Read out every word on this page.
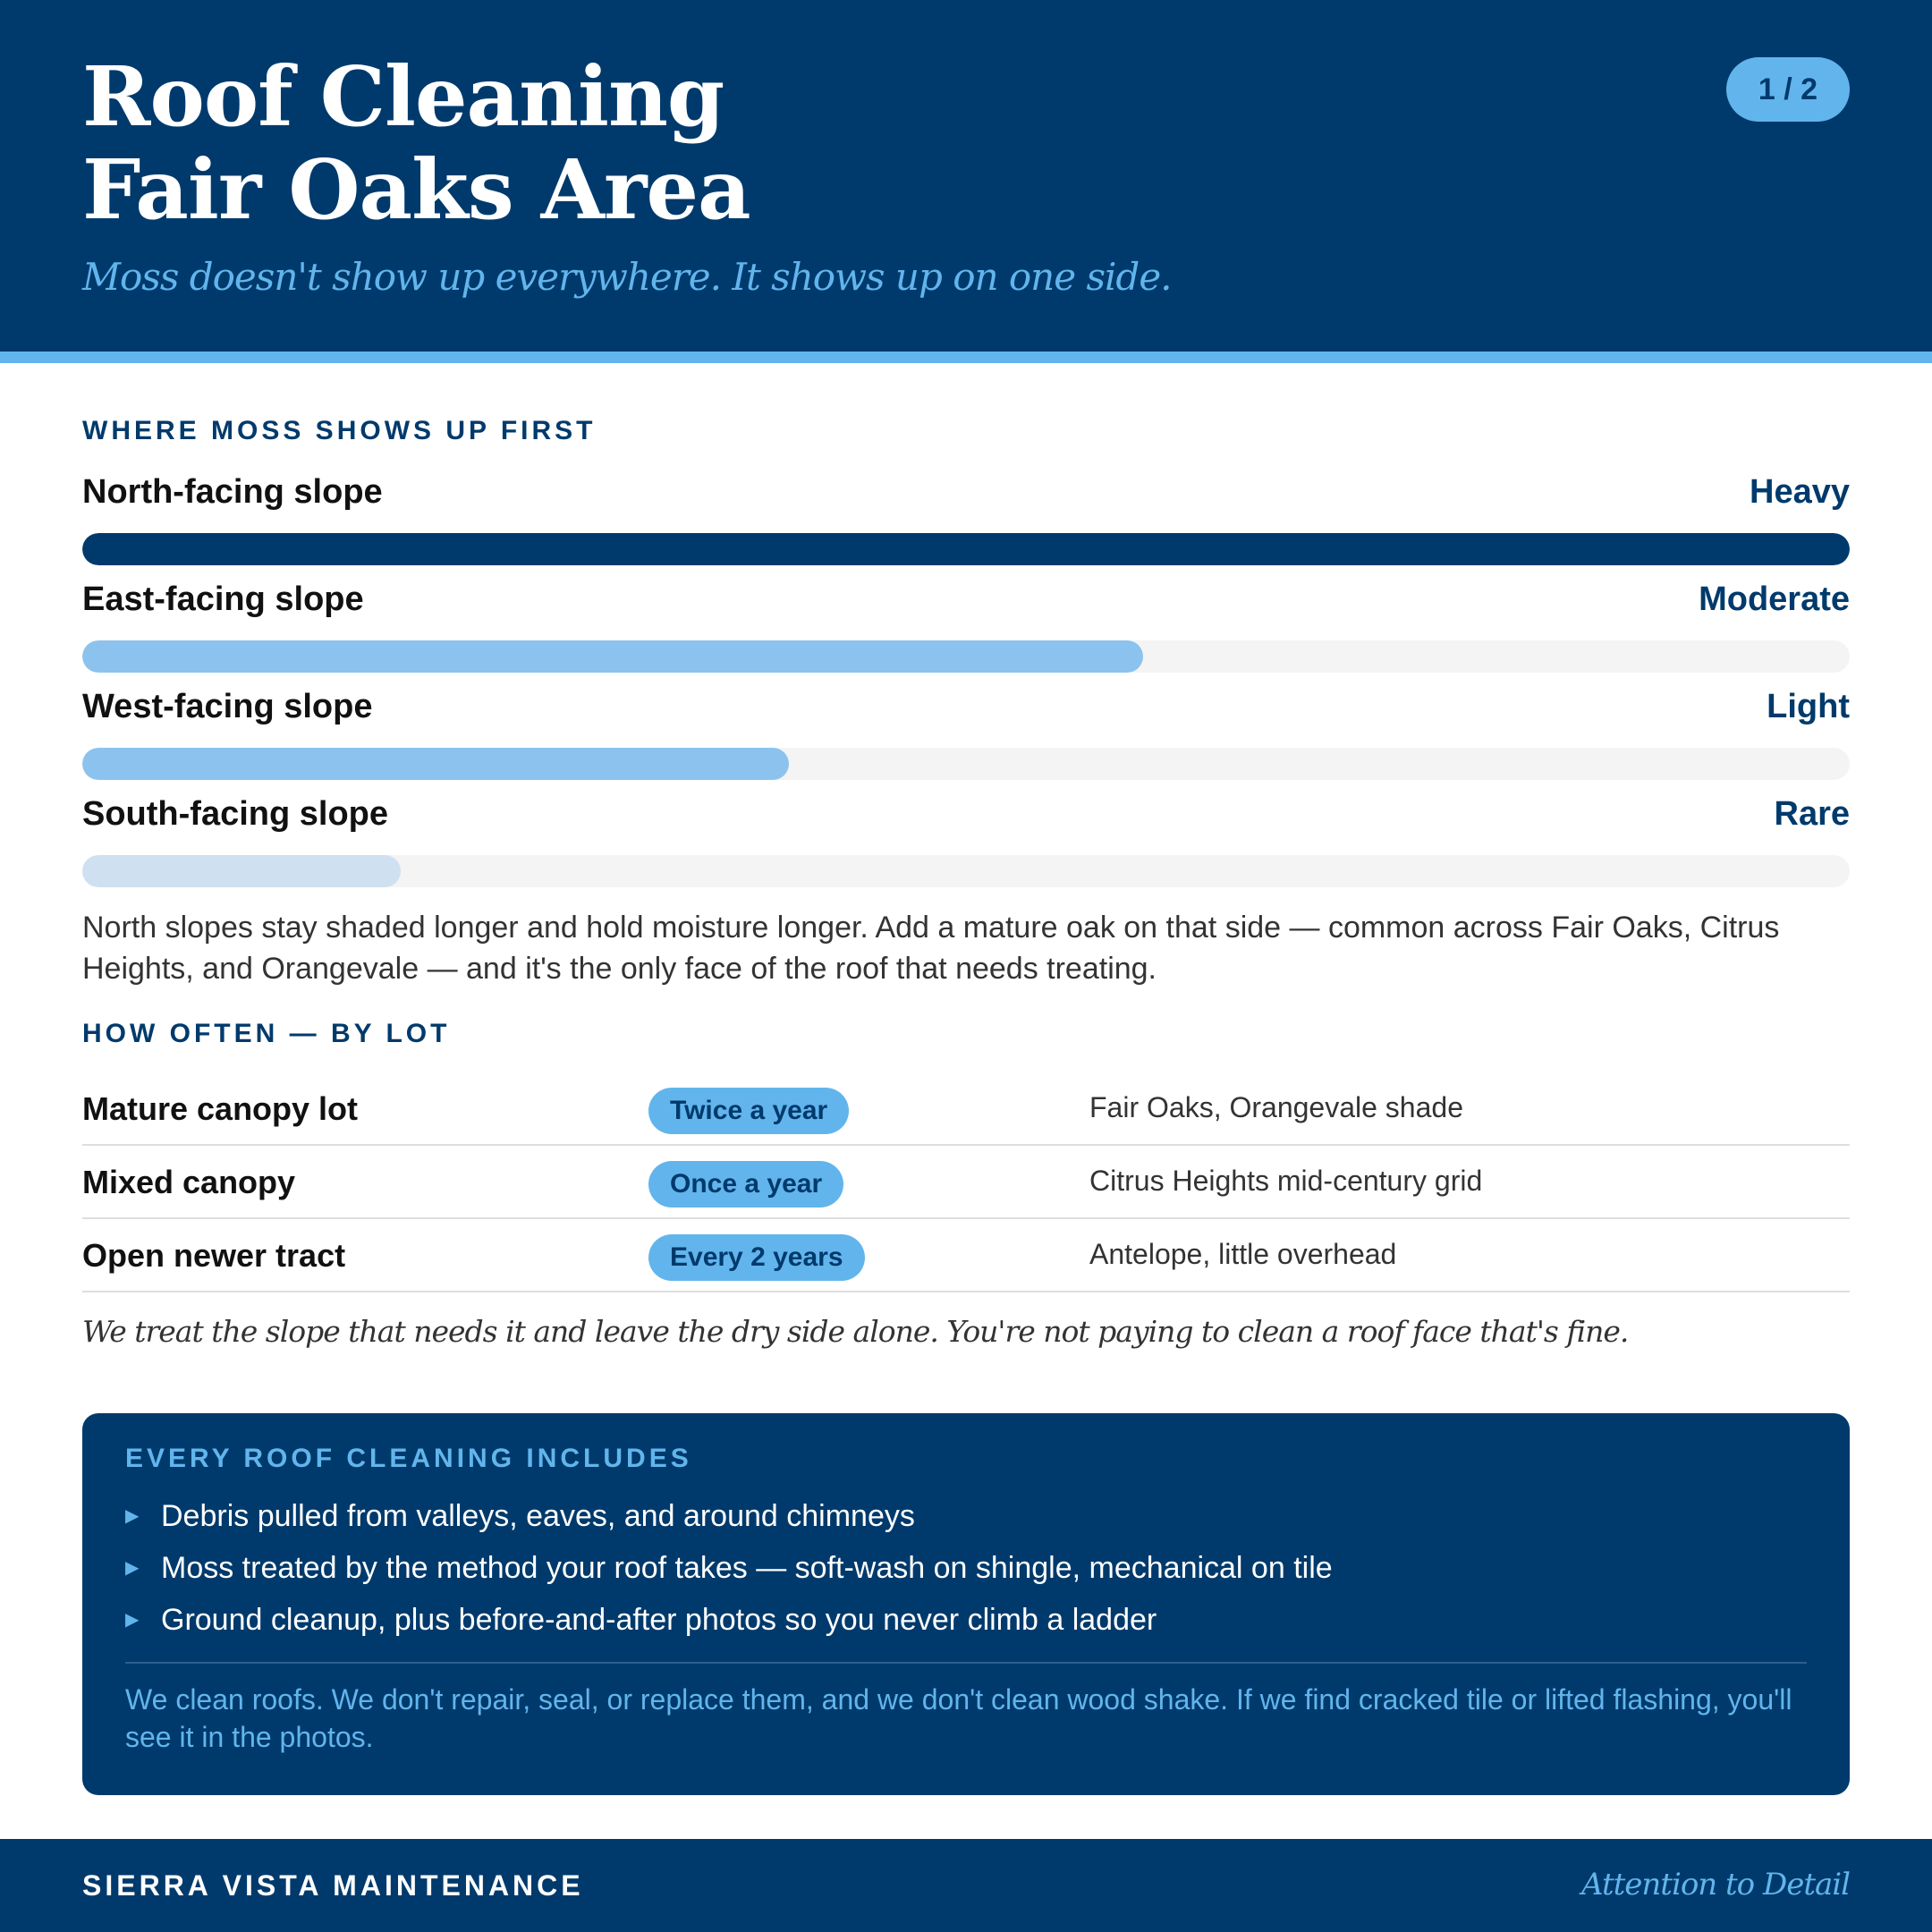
Roof Cleaning
Fair Oaks Area
Moss doesn't show up everywhere. It shows up on one side.
1 / 2
WHERE MOSS SHOWS UP FIRST
North-facing slope	Heavy
East-facing slope	Moderate
West-facing slope	Light
South-facing slope	Rare

North slopes stay shaded longer and hold moisture longer. Add a mature oak on that side — common across Fair Oaks, Citrus Heights, and Orangevale — and it's the only face of the roof that needs treating.

HOW OFTEN — BY LOT
Mature canopy lot	Twice a year	Fair Oaks, Orangevale shade
Mixed canopy	Once a year	Citrus Heights mid-century grid
Open newer tract	Every 2 years	Antelope, little overhead

We treat the slope that needs it and leave the dry side alone. You're not paying to clean a roof face that's fine.

EVERY ROOF CLEANING INCLUDES
▶ Debris pulled from valleys, eaves, and around chimneys
▶ Moss treated by the method your roof takes — soft-wash on shingle, mechanical on tile
▶ Ground cleanup, plus before-and-after photos so you never climb a ladder

We clean roofs. We don't repair, seal, or replace them, and we don't clean wood shake. If we find cracked tile or lifted flashing, you'll see it in the photos.

SIERRA VISTA MAINTENANCE	Attention to Detail
